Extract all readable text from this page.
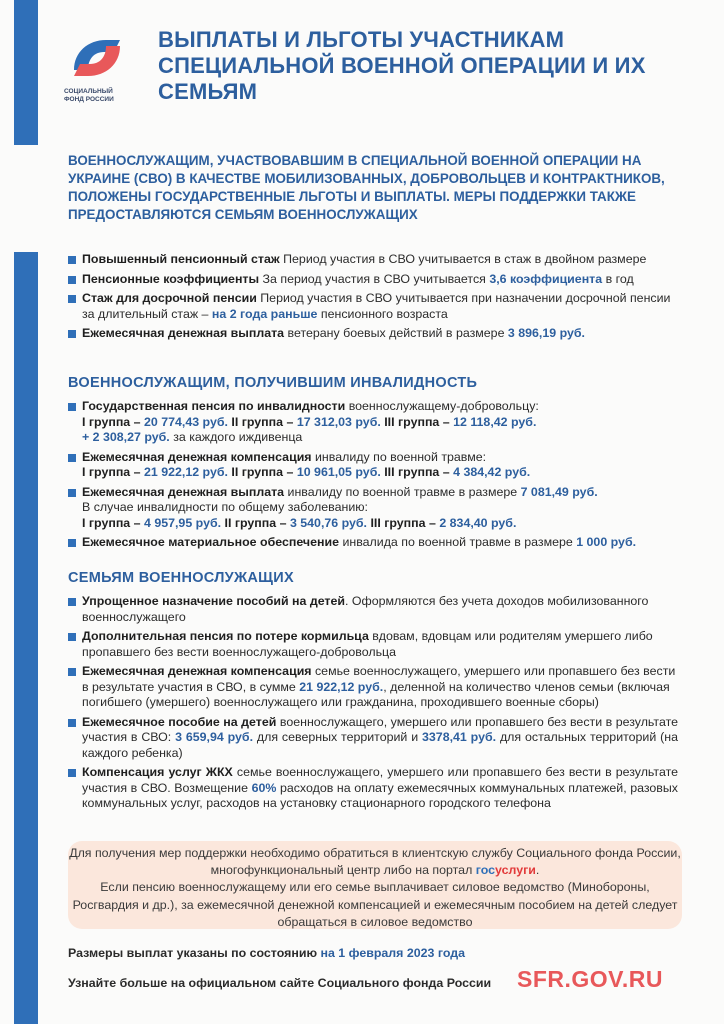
СОЦИАЛЬНЫЙ
ФОНД РОССИИ
ВЫПЛАТЫ И ЛЬГОТЫ УЧАСТНИКАМ СПЕЦИАЛЬНОЙ ВОЕННОЙ ОПЕРАЦИИ И ИХ СЕМЬЯМ
ВОЕННОСЛУЖАЩИМ, УЧАСТВОВАВШИМ В СПЕЦИАЛЬНОЙ ВОЕННОЙ ОПЕРАЦИИ НА УКРАИНЕ (СВО) В КАЧЕСТВЕ МОБИЛИЗОВАННЫХ, ДОБРОВОЛЬЦЕВ И КОНТРАКТНИКОВ, ПОЛОЖЕНЫ ГОСУДАРСТВЕННЫЕ ЛЬГОТЫ И ВЫПЛАТЫ. МЕРЫ ПОДДЕРЖКИ ТАКЖЕ ПРЕДОСТАВЛЯЮТСЯ СЕМЬЯМ ВОЕННОСЛУЖАЩИХ
Повышенный пенсионный стаж Период участия в СВО учитывается в стаж в двойном размере
Пенсионные коэффициенты За период участия в СВО учитывается 3,6 коэффициента в год
Стаж для досрочной пенсии Период участия в СВО учитывается при назначении досрочной пенсии за длительный стаж – на 2 года раньше пенсионного возраста
Ежемесячная денежная выплата ветерану боевых действий в размере 3 896,19 руб.
ВОЕННОСЛУЖАЩИМ, ПОЛУЧИВШИМ ИНВАЛИДНОСТЬ
Государственная пенсия по инвалидности военнослужащему-добровольцу:
I группа – 20 774,43 руб. II группа – 17 312,03 руб. III группа – 12 118,42 руб.
+ 2 308,27 руб. за каждого иждивенца
Ежемесячная денежная компенсация инвалиду по военной травме:
I группа – 21 922,12 руб. II группа – 10 961,05 руб. III группа – 4 384,42 руб.
Ежемесячная денежная выплата инвалиду по военной травме в размере 7 081,49 руб.
В случае инвалидности по общему заболеванию:
I группа – 4 957,95 руб. II группа – 3 540,76 руб. III группа – 2 834,40 руб.
Ежемесячное материальное обеспечение инвалида по военной травме в размере 1 000 руб.
СЕМЬЯМ ВОЕННОСЛУЖАЩИХ
Упрощенное назначение пособий на детей. Оформляются без учета доходов мобилизованного военнослужащего
Дополнительная пенсия по потере кормильца вдовам, вдовцам или родителям умершего либо пропавшего без вести военнослужащего-добровольца
Ежемесячная денежная компенсация семье военнослужащего, умершего или пропавшего без вести в результате участия в СВО, в сумме 21 922,12 руб., деленной на количество членов семьи (включая погибшего (умершего) военнослужащего или гражданина, проходившего военные сборы)
Ежемесячное пособие на детей военнослужащего, умершего или пропавшего без вести в результате участия в СВО: 3 659,94 руб. для северных территорий и 3378,41 руб. для остальных территорий (на каждого ребенка)
Компенсация услуг ЖКХ семье военнослужащего, умершего или пропавшего без вести в результате участия в СВО. Возмещение 60% расходов на оплату ежемесячных коммунальных платежей, разовых коммунальных услуг, расходов на установку стационарного городского телефона
Для получения мер поддержки необходимо обратиться в клиентскую службу Социального фонда России, многофункциональный центр либо на портал госуслуги.
Если пенсию военнослужащему или его семье выплачивает силовое ведомство (Минобороны, Росгвардия и др.), за ежемесячной денежной компенсацией и ежемесячным пособием на детей следует обращаться в силовое ведомство
Размеры выплат указаны по состоянию на 1 февраля 2023 года
Узнайте больше на официальном сайте Социального фонда России SFR.GOV.RU
